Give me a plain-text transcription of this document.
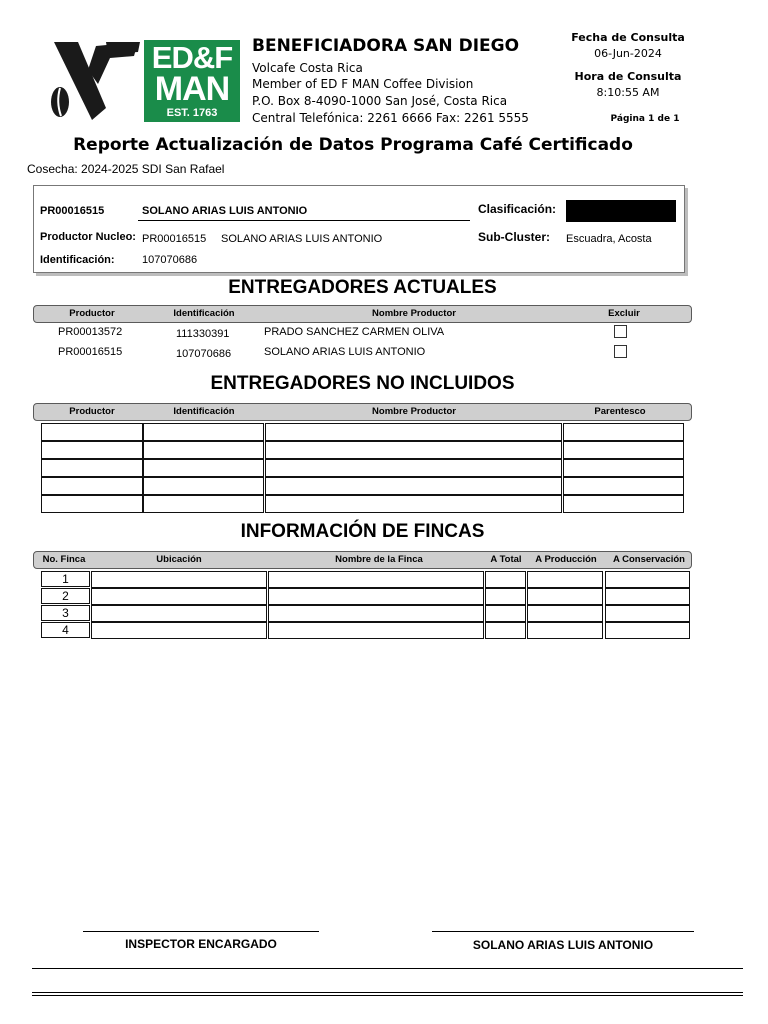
ED&F
MAN
EST. 1763
BENEFICIADORA SAN DIEGO
Volcafe Costa Rica
Member of ED F MAN Coffee Division
P.O. Box 8-4090-1000 San José, Costa Rica
Central Telefónica: 2261 6666 Fax: 2261 5555
Fecha de Consulta
06-Jun-2024
Hora de Consulta
8:10:55 AM
Página 1 de 1
Reporte Actualización de Datos Programa Café Certificado
Cosecha: 2024-2025 SDI San Rafael
PR00016515	SOLANO ARIAS LUIS ANTONIO	Clasificación:
Productor Nucleo: PR00016515 SOLANO ARIAS LUIS ANTONIO	Sub-Cluster: Escuadra, Acosta
Identificación: 107070686
ENTREGADORES ACTUALES
Productor	Identificación	Nombre Productor	Excluir
PR00013572	111330391	PRADO SANCHEZ CARMEN OLIVA
PR00016515	107070686	SOLANO ARIAS LUIS ANTONIO
ENTREGADORES NO INCLUIDOS
Productor	Identificación	Nombre Productor	Parentesco
INFORMACIÓN DE FINCAS
No. Finca	Ubicación	Nombre de la Finca	A Total	A Producción	A Conservación
1
2
3
4
INSPECTOR ENCARGADO	SOLANO ARIAS LUIS ANTONIO
